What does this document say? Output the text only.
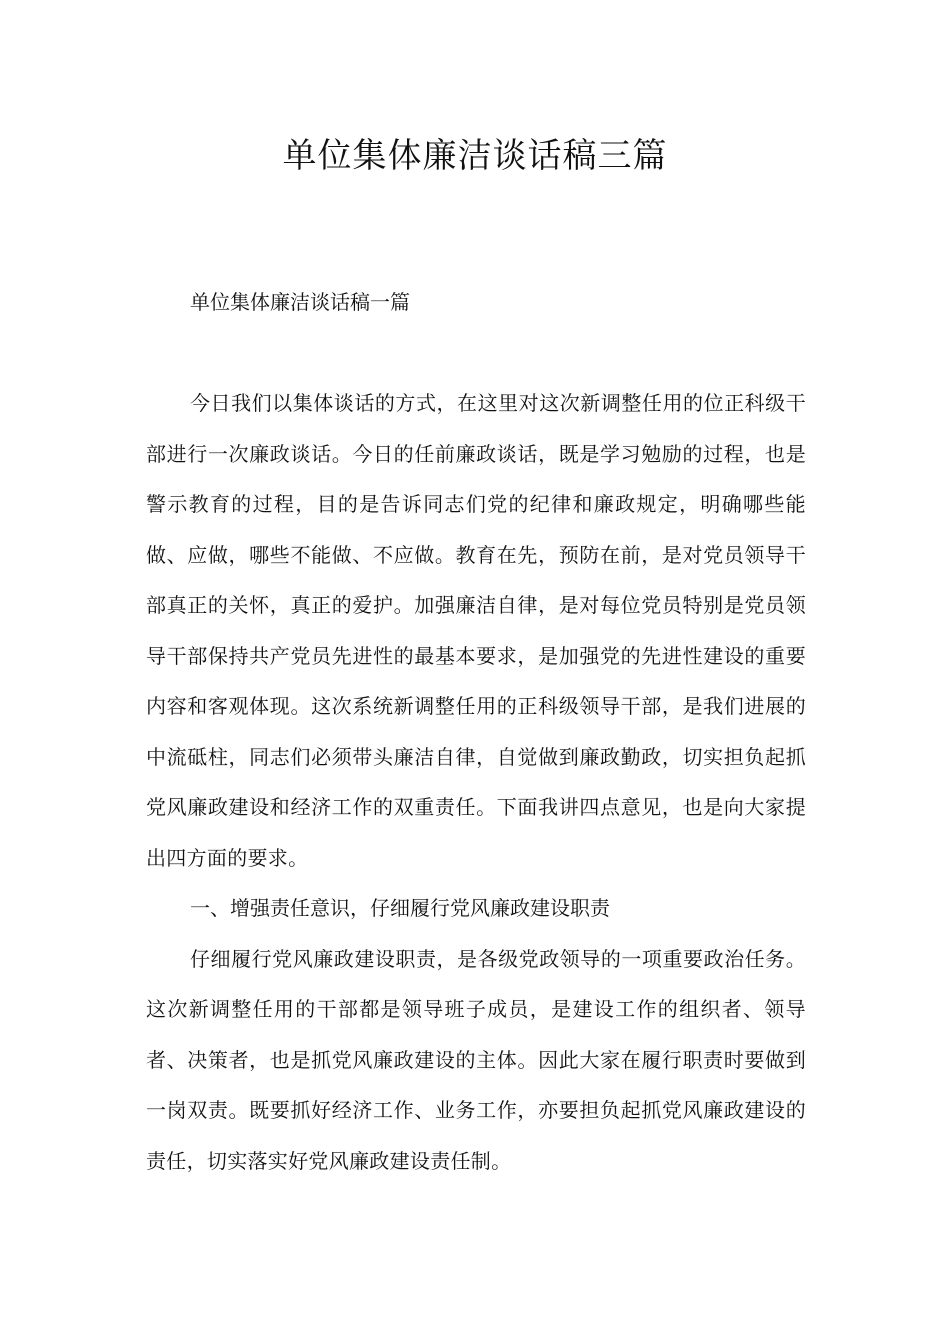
单位集体廉洁谈话稿三篇

单位集体廉洁谈话稿一篇

今日我们以集体谈话的方式，在这里对这次新调整任用的位正科级干部进行一次廉政谈话。今日的任前廉政谈话，既是学习勉励的过程，也是警示教育的过程，目的是告诉同志们党的纪律和廉政规定，明确哪些能做、应做，哪些不能做、不应做。教育在先，预防在前，是对党员领导干部真正的关怀，真正的爱护。加强廉洁自律，是对每位党员特别是党员领导干部保持共产党员先进性的最基本要求，是加强党的先进性建设的重要内容和客观体现。这次系统新调整任用的正科级领导干部，是我们进展的中流砥柱，同志们必须带头廉洁自律，自觉做到廉政勤政，切实担负起抓党风廉政建设和经济工作的双重责任。下面我讲四点意见，也是向大家提出四方面的要求。

一、增强责任意识，仔细履行党风廉政建设职责

仔细履行党风廉政建设职责，是各级党政领导的一项重要政治任务。这次新调整任用的干部都是领导班子成员，是建设工作的组织者、领导者、决策者，也是抓党风廉政建设的主体。因此大家在履行职责时要做到一岗双责。既要抓好经济工作、业务工作，亦要担负起抓党风廉政建设的责任，切实落实好党风廉政建设责任制。
